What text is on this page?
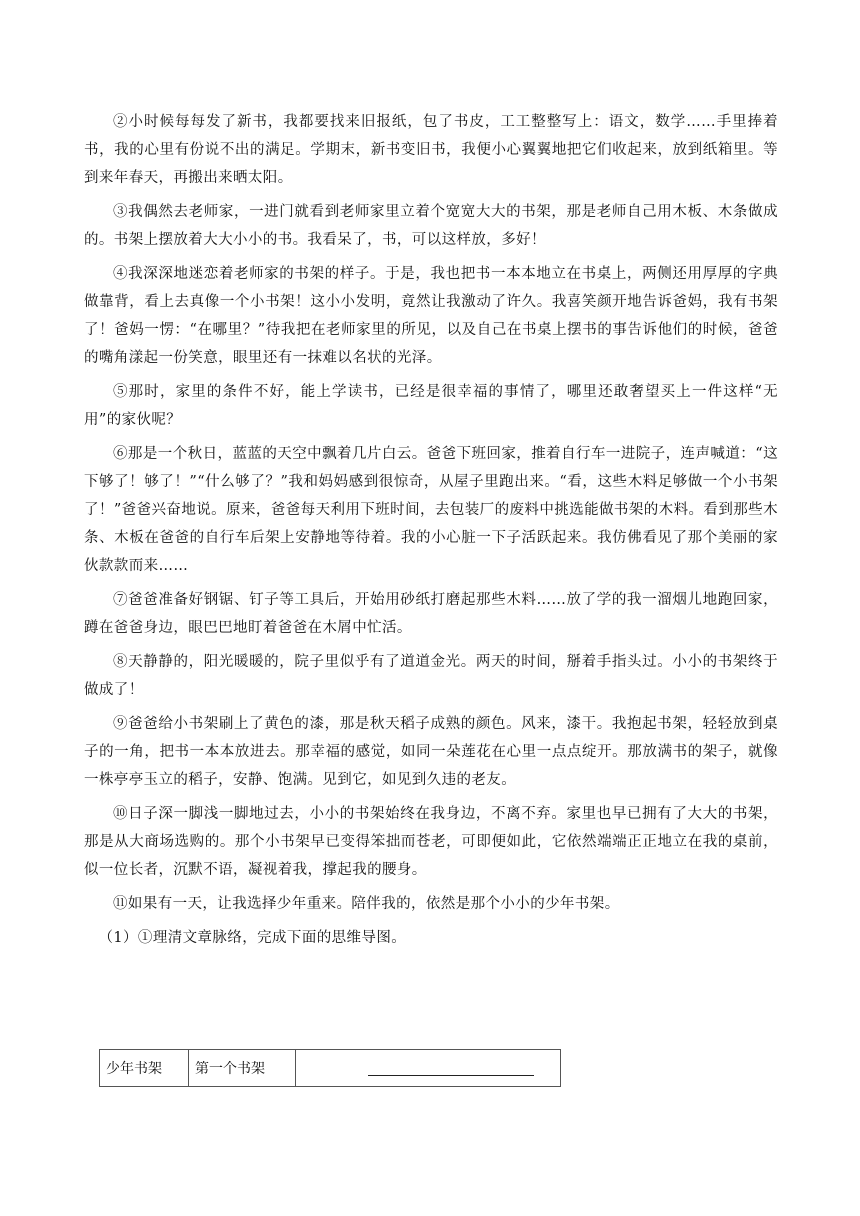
②小时候每每发了新书，我都要找来旧报纸，包了书皮，工工整整写上：语文，数学……手里捧着书，我的心里有份说不出的满足。学期末，新书变旧书，我便小心翼翼地把它们收起来，放到纸箱里。等到来年春天，再搬出来晒太阳。

③我偶然去老师家，一进门就看到老师家里立着个宽宽大大的书架，那是老师自己用木板、木条做成的。书架上摆放着大大小小的书。我看呆了，书，可以这样放，多好！

④我深深地迷恋着老师家的书架的样子。于是，我也把书一本本地立在书桌上，两侧还用厚厚的字典做靠背，看上去真像一个小书架！这小小发明，竟然让我激动了许久。我喜笑颜开地告诉爸妈，我有书架了！爸妈一愣：“在哪里？”待我把在老师家里的所见，以及自己在书桌上摆书的事告诉他们的时候，爸爸的嘴角漾起一份笑意，眼里还有一抹难以名状的光泽。

⑤那时，家里的条件不好，能上学读书，已经是很幸福的事情了，哪里还敢奢望买上一件这样“无用”的家伙呢？

⑥那是一个秋日，蓝蓝的天空中飘着几片白云。爸爸下班回家，推着自行车一进院子，连声喊道：“这下够了！够了！”“什么够了？”我和妈妈感到很惊奇，从屋子里跑出来。“看，这些木料足够做一个小书架了！”爸爸兴奋地说。原来，爸爸每天利用下班时间，去包装厂的废料中挑选能做书架的木料。看到那些木条、木板在爸爸的自行车后架上安静地等待着。我的小心脏一下子活跃起来。我仿佛看见了那个美丽的家伙款款而来……

⑦爸爸准备好钢锯、钉子等工具后，开始用砂纸打磨起那些木料……放了学的我一溜烟儿地跑回家，蹲在爸爸身边，眼巴巴地盯着爸爸在木屑中忙活。

⑧天静静的，阳光暖暖的，院子里似乎有了道道金光。两天的时间，掰着手指头过。小小的书架终于做成了！

⑨爸爸给小书架刷上了黄色的漆，那是秋天稻子成熟的颜色。风来，漆干。我抱起书架，轻轻放到桌子的一角，把书一本本放进去。那幸福的感觉，如同一朵莲花在心里一点点绽开。那放满书的架子，就像一株亭亭玉立的稻子，安静、饱满。见到它，如见到久违的老友。

⑩日子深一脚浅一脚地过去，小小的书架始终在我身边，不离不弃。家里也早已拥有了大大的书架，那是从大商场选购的。那个小书架早已变得笨拙而苍老，可即便如此，它依然端端正正地立在我的桌前，似一位长者，沉默不语，凝视着我，撑起我的腰身。

⑪如果有一天，让我选择少年重来。陪伴我的，依然是那个小小的少年书架。

（1）①理清文章脉络，完成下面的思维导图。

少年书架	第一个书架	
